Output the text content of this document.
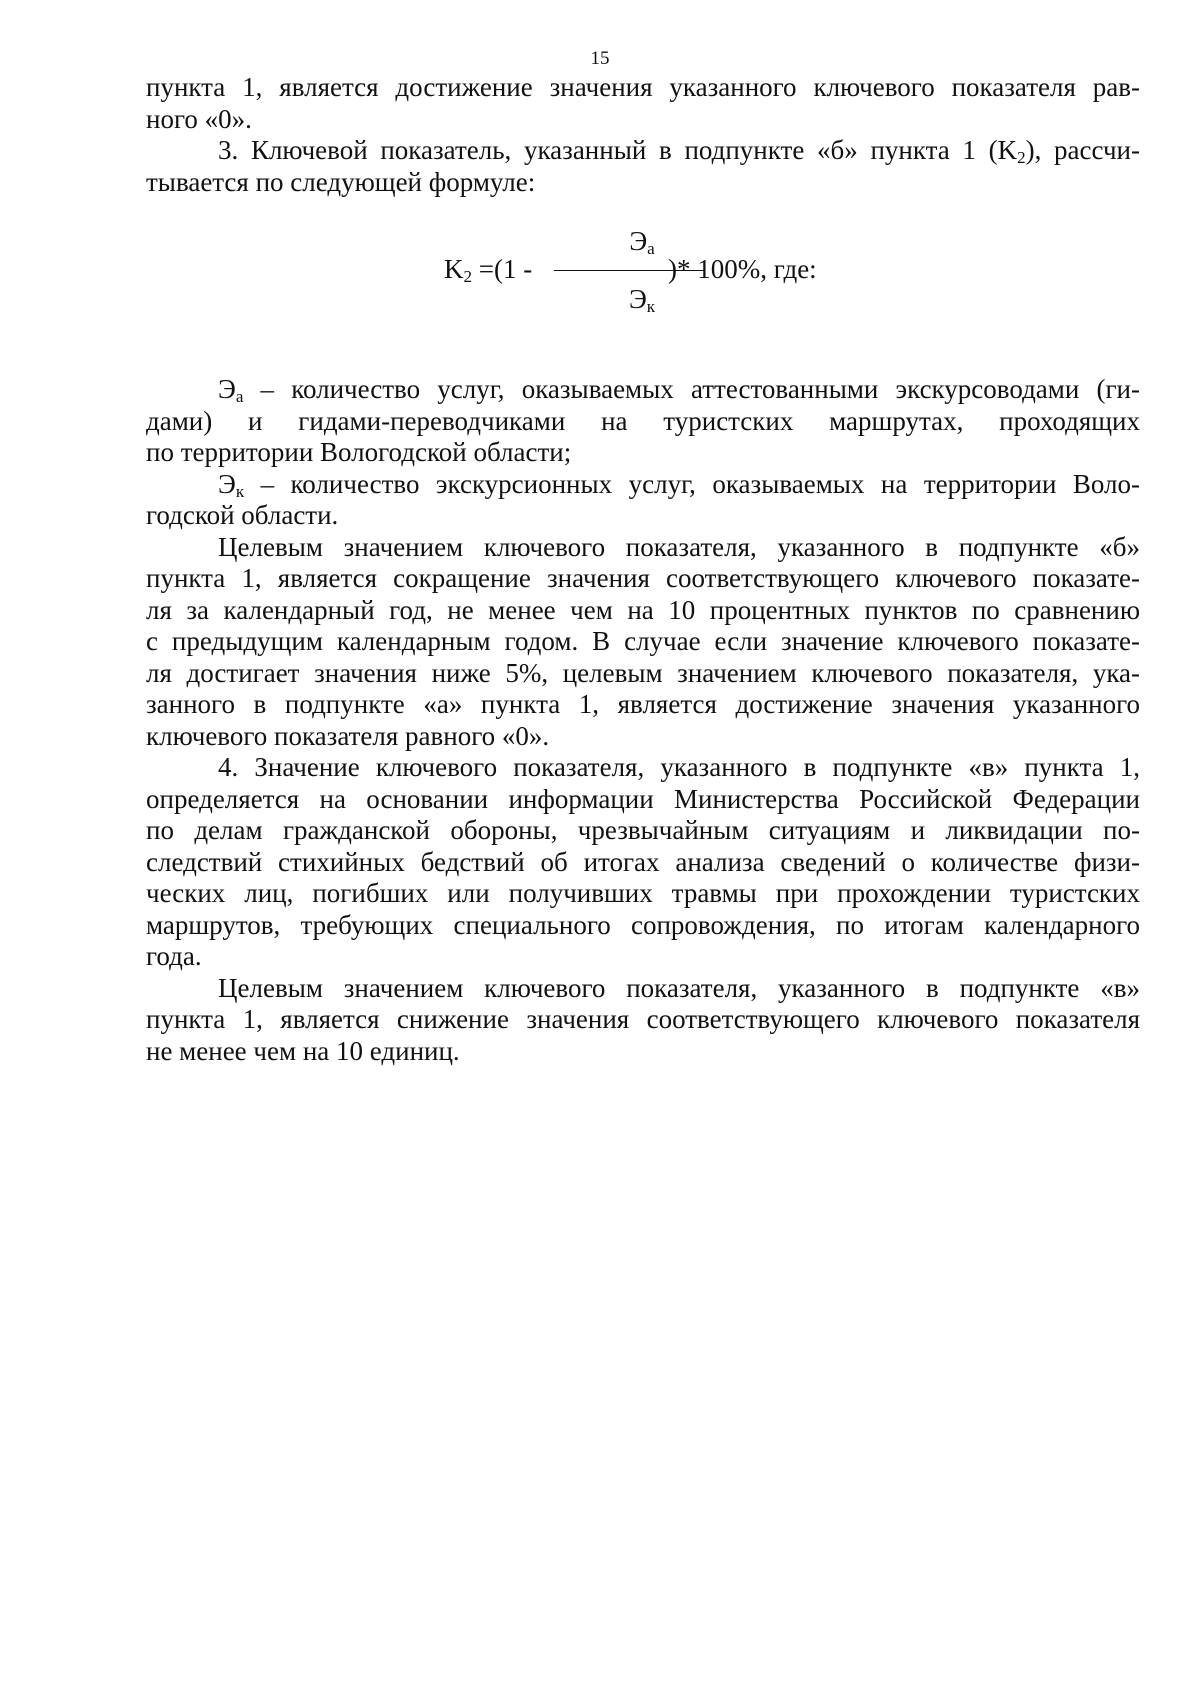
15
пункта 1, является достижение значения указанного ключевого показателя рав-
ного «0».
3. Ключевой показатель, указанный в подпункте «б» пункта 1 $(K_2)$, рассчи-
тывается по следующей формуле:
$K_2 =(1$ -
$Э_а$
$Э_к$
)* 100%, где:
$Э_а$ – количество услуг, оказываемых аттестованными экскурсоводами (ги-
дами) и гидами-переводчиками на туристских маршрутах, проходящих
по территории Вологодской области;
$Э_к$ – количество экскурсионных услуг, оказываемых на территории Воло-
годской области.
Целевым значением ключевого показателя, указанного в подпункте «б»
пункта 1, является сокращение значения соответствующего ключевого показате-
ля за календарный год, не менее чем на 10 процентных пунктов по сравнению
с предыдущим календарным годом. В случае если значение ключевого показате-
ля достигает значения ниже 5%, целевым значением ключевого показателя, ука-
занного в подпункте «а» пункта 1, является достижение значения указанного
ключевого показателя равного «0».
4. Значение ключевого показателя, указанного в подпункте «в» пункта 1,
определяется на основании информации Министерства Российской Федерации
по делам гражданской обороны, чрезвычайным ситуациям и ликвидации по-
следствий стихийных бедствий об итогах анализа сведений о количестве физи-
ческих лиц, погибших или получивших травмы при прохождении туристских
маршрутов, требующих специального сопровождения, по итогам календарного
года.
Целевым значением ключевого показателя, указанного в подпункте «в»
пункта 1, является снижение значения соответствующего ключевого показателя
не менее чем на 10 единиц.
